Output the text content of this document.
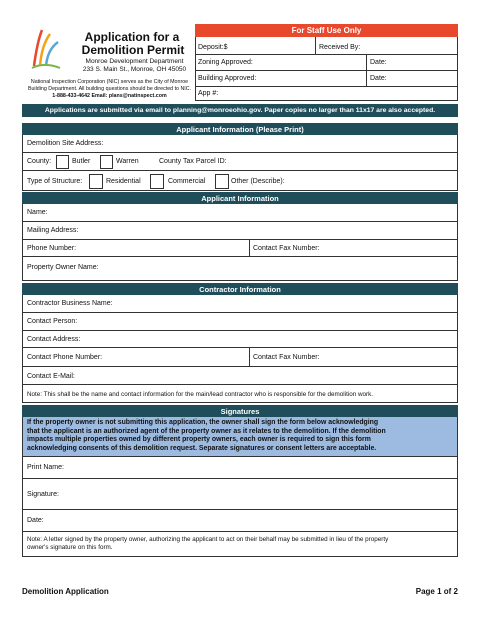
Application for a
Demolition Permit
Monroe Development Department
233 S. Main St., Monroe, OH 45050
National Inspection Corporation (NIC) serves as the City of Monroe
Building Department. All building questions should be directed to NIC.
1-888-433-4642 Email: plans@natinspect.com
For Staff Use Only
Deposit:$	Received By:
Zoning Approved:	Date:
Building Approved:	Date:
App #:
Applications are submitted via email to planning@monroeohio.gov. Paper copies no larger than 11x17 are also accepted.
Applicant Information (Please Print)
Demolition Site Address:
County:	Butler	Warren	County Tax Parcel ID:
Type of Structure:	Residential	Commercial	Other (Describe):
Applicant Information
Name:
Mailing Address:
Phone Number:	Contact Fax Number:
Property Owner Name:
Contractor Information
Contractor Business Name:
Contact Person:
Contact Address:
Contact Phone Number:	Contact Fax Number:
Contact E-Mail:
Note: This shall be the name and contact information for the main/lead contractor who is responsible for the demolition work.
Signatures
If the property owner is not submitting this application, the owner shall sign the form below acknowledging
that the applicant is an authorized agent of the property owner as it relates to the demolition. If the demolition
impacts multiple properties owned by different property owners, each owner is required to sign this form
acknowledging consents of this demolition request. Separate signatures or consent letters are acceptable.
Print Name:
Signature:
Date:
Note: A letter signed by the property owner, authorizing the applicant to act on their behalf may be submitted in lieu of the property
owner's signature on this form.
Demolition Application	Page 1 of 2
